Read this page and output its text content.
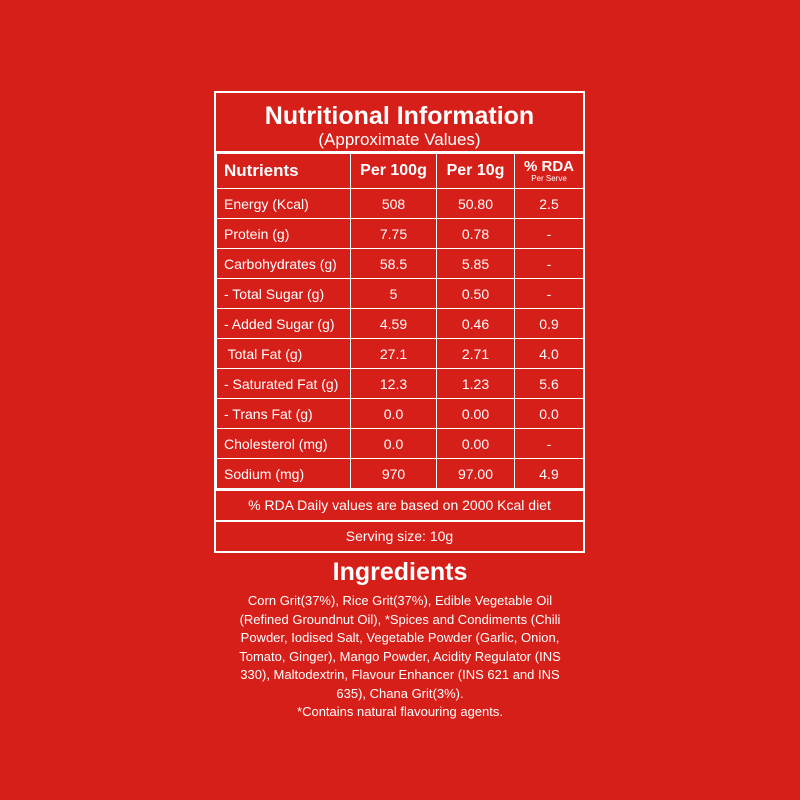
Nutritional Information
(Approximate Values)
Nutrients	Per 100g	Per 10g	% RDA
Per Serve

Energy (Kcal)	508	50.80	2.5
Protein (g)	7.75	0.78	-
Carbohydrates (g)	58.5	5.85	-
- Total Sugar (g)	5	0.50	-
- Added Sugar (g)	4.59	0.46	0.9
Total Fat (g)	27.1	2.71	4.0
- Saturated Fat (g)	12.3	1.23	5.6
- Trans Fat (g)	0.0	0.00	0.0
Cholesterol (mg)	0.0	0.00	-
Sodium (mg)	970	97.00	4.9
% RDA Daily values are based on 2000 Kcal diet
Serving size: 10g
Ingredients
Corn Grit(37%), Rice Grit(37%), Edible Vegetable Oil
(Refined Groundnut Oil), *Spices and Condiments (Chili
Powder, Iodised Salt, Vegetable Powder (Garlic, Onion,
Tomato, Ginger), Mango Powder, Acidity Regulator (INS
330), Maltodextrin, Flavour Enhancer (INS 621 and INS
635), Chana Grit(3%).
*Contains natural flavouring agents.
